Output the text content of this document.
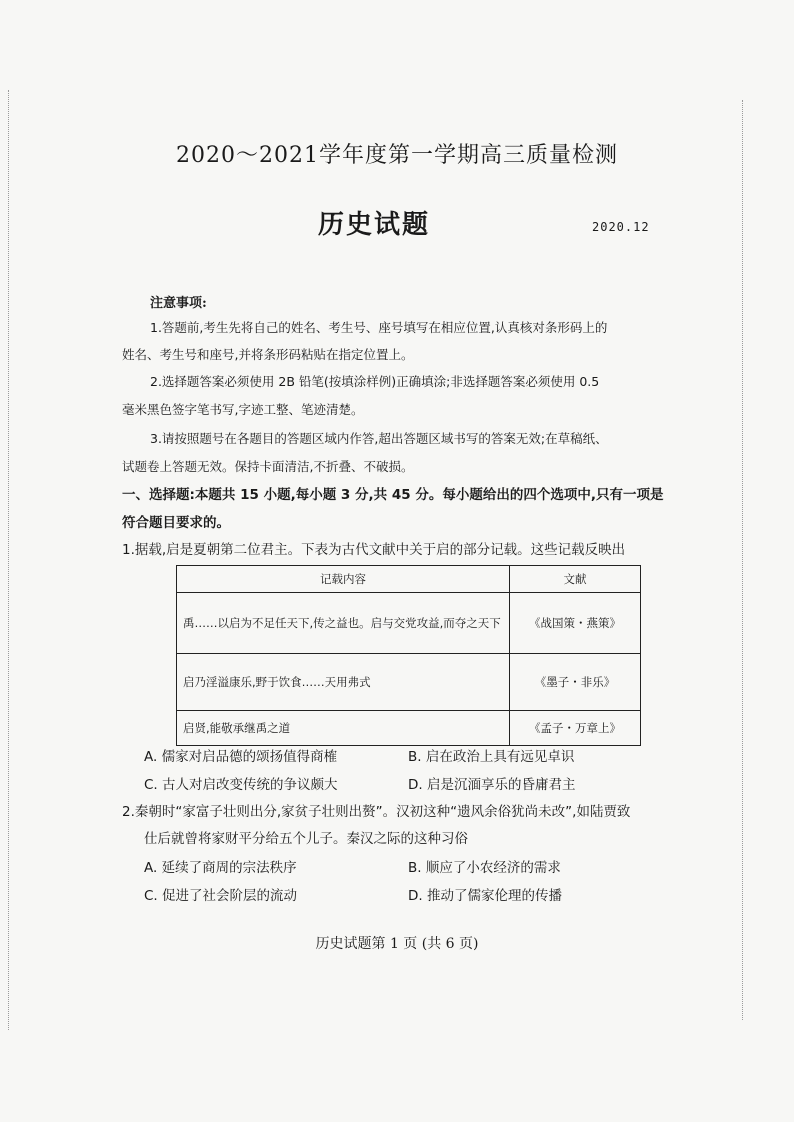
2020～2021学年度第一学期高三质量检测
历史试题	2020.12
注意事项:
1.答题前,考生先将自己的姓名、考生号、座号填写在相应位置,认真核对条形码上的
姓名、考生号和座号,并将条形码粘贴在指定位置上。
2.选择题答案必须使用 2B 铅笔(按填涂样例)正确填涂;非选择题答案必须使用 0.5
毫米黑色签字笔书写,字迹工整、笔迹清楚。
3.请按照题号在各题目的答题区域内作答,超出答题区域书写的答案无效;在草稿纸、
试题卷上答题无效。保持卡面清洁,不折叠、不破损。
一、选择题:本题共 15 小题,每小题 3 分,共 45 分。每小题给出的四个选项中,只有一项是
符合题目要求的。
1.据载,启是夏朝第二位君主。下表为古代文献中关于启的部分记载。这些记载反映出
记载内容	文献
禹……以启为不足任天下,传之益也。启与交党攻益,而夺之天下	《战国策・燕策》
启乃淫溢康乐,野于饮食……天用弗式	《墨子・非乐》
启贤,能敬承继禹之道	《孟子・万章上》
A. 儒家对启品德的颂扬值得商榷	B. 启在政治上具有远见卓识
C. 古人对启改变传统的争议颇大	D. 启是沉湎享乐的昏庸君主
2.秦朝时“家富子壮则出分,家贫子壮则出赘”。汉初这种“遗风余俗犹尚未改”,如陆贾致
仕后就曾将家财平分给五个儿子。秦汉之际的这种习俗
A. 延续了商周的宗法秩序	B. 顺应了小农经济的需求
C. 促进了社会阶层的流动	D. 推动了儒家伦理的传播
历史试题第 1 页 (共 6 页)
